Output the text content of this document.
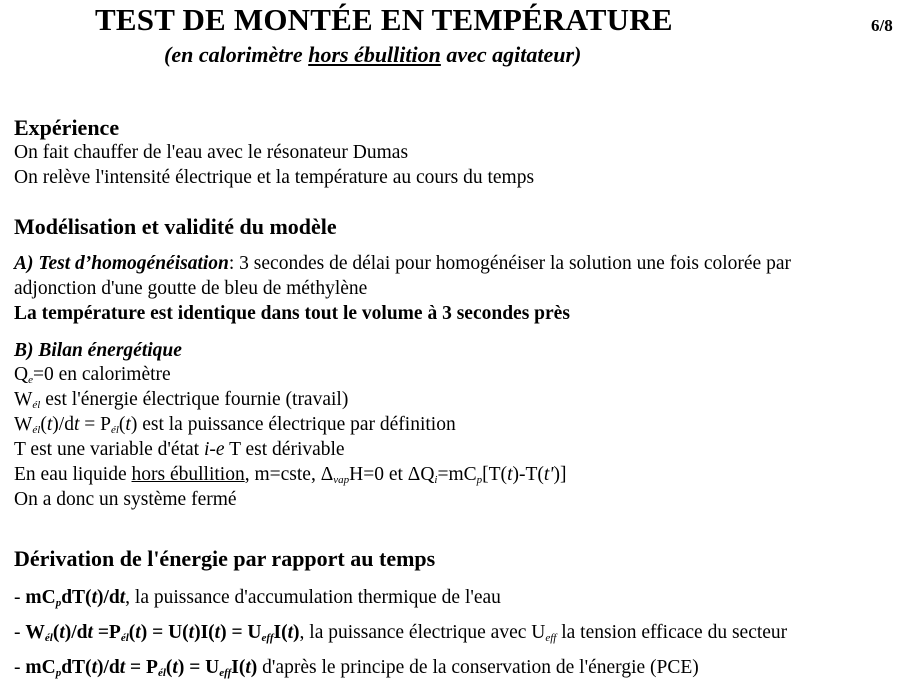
TEST DE MONTÉE EN TEMPÉRATURE	6/8
(en calorimètre hors ébullition avec agitateur)
Expérience
On fait chauffer de l'eau avec le résonateur Dumas
On relève l'intensité électrique et la température au cours du temps
Modélisation et validité du modèle
A) Test d’homogénéisation: 3 secondes de délai pour homogénéiser la solution une fois colorée par
adjonction d'une goutte de bleu de méthylène
La température est identique dans tout le volume à 3 secondes près
B) Bilan énergétique
$Q_e=0$ en calorimètre
$W_{él}$ est l'énergie électrique fournie (travail)
$W_{él}(t)/dt = P_{él}(t)$ est la puissance électrique par définition
T est une variable d'état i-e T est dérivable
En eau liquide hors ébullition, m=cste, $\Delta_{vap}H=0$ et $\Delta Q_i=mC_p[T(t)-T(t')]$
On a donc un système fermé
Dérivation de l'énergie par rapport au temps
- $mC_pdT(t)/dt$, la puissance d'accumulation thermique de l'eau
- $W_{él}(t)/dt =P_{él}(t) = U(t)I(t) = U_{eff}I(t)$, la puissance électrique avec $U_{eff}$ la tension efficace du secteur
- $mC_pdT(t)/dt = P_{él}(t) = U_{eff}I(t)$ d'après le principe de la conservation de l'énergie (PCE)
